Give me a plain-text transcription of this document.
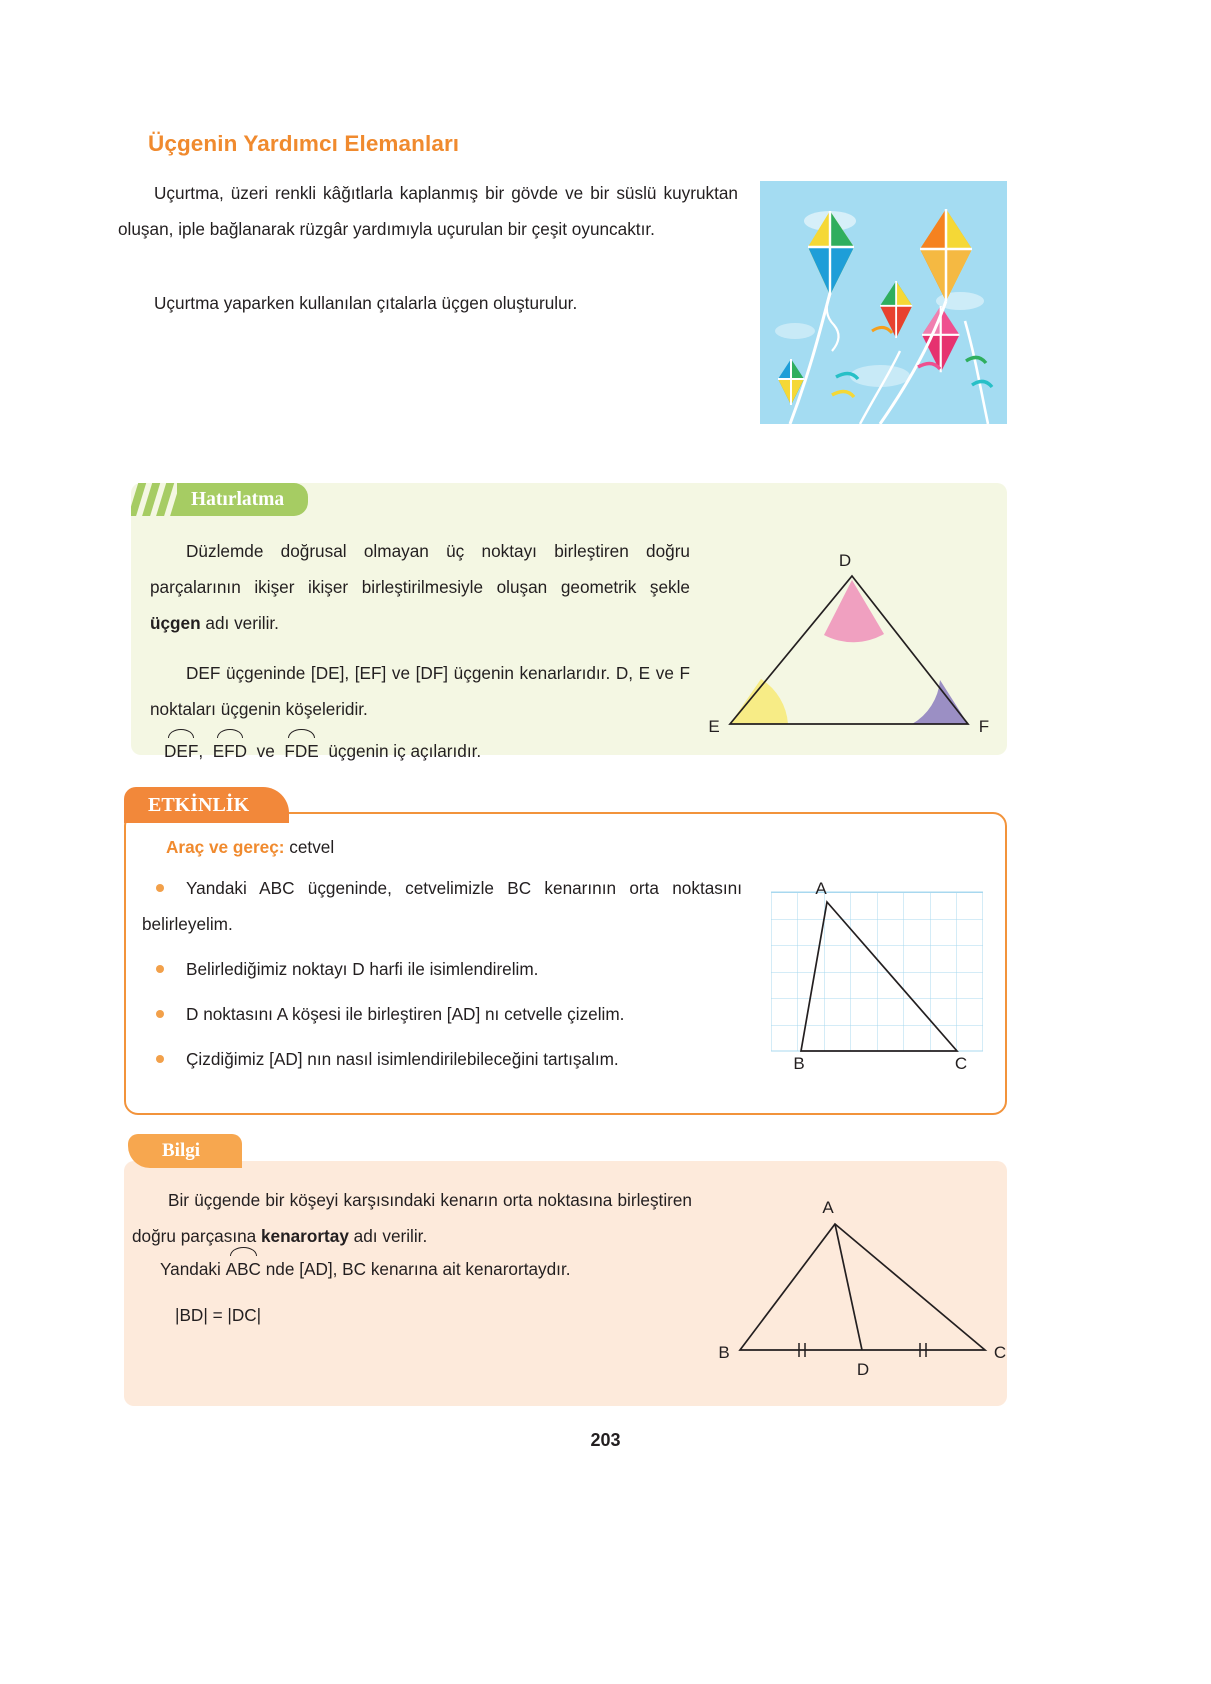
Üçgenin Yardımcı Elemanları
Uçurtma, üzeri renkli kâğıtlarla kaplanmış bir gövde ve bir süslü kuyruktan oluşan, iple bağlanarak rüzgâr yardımıyla uçurulan bir çeşit oyuncaktır.
Uçurtma yaparken kullanılan çıtalarla üçgen oluşturulur.
Hatırlatma

Düzlemde doğrusal olmayan üç noktayı birleştiren doğru parçalarının ikişer ikişer birleştirilmesiyle oluşan geometrik şekle üçgen adı verilir.

DEF üçgeninde [DE], [EF] ve [DF] üçgenin kenarlarıdır. D, E ve F noktaları üçgenin köşeleridir.

DEF, EFD ve FDE üçgenin iç açılarıdır.
D
E	F
ETKİNLİK
Araç ve gereç: cetvel
Yandaki ABC üçgeninde, cetvelimizle BC kenarının orta noktasını belirleyelim.
Belirlediğimiz noktayı D harfi ile isimlendirelim.
D noktasını A köşesi ile birleştiren [AD] nı cetvelle çizelim.
Çizdiğimiz [AD] nın nasıl isimlendirilebileceğini tartışalım.
A
B	C
Bilgi

Bir üçgende bir köşeyi karşısındaki kenarın orta noktasına birleştiren doğru parçasına kenarortay adı verilir.

Yandaki ABC nde [AD], BC kenarına ait kenarortaydır.
|BD| = |DC|
A
B
D
C
203
